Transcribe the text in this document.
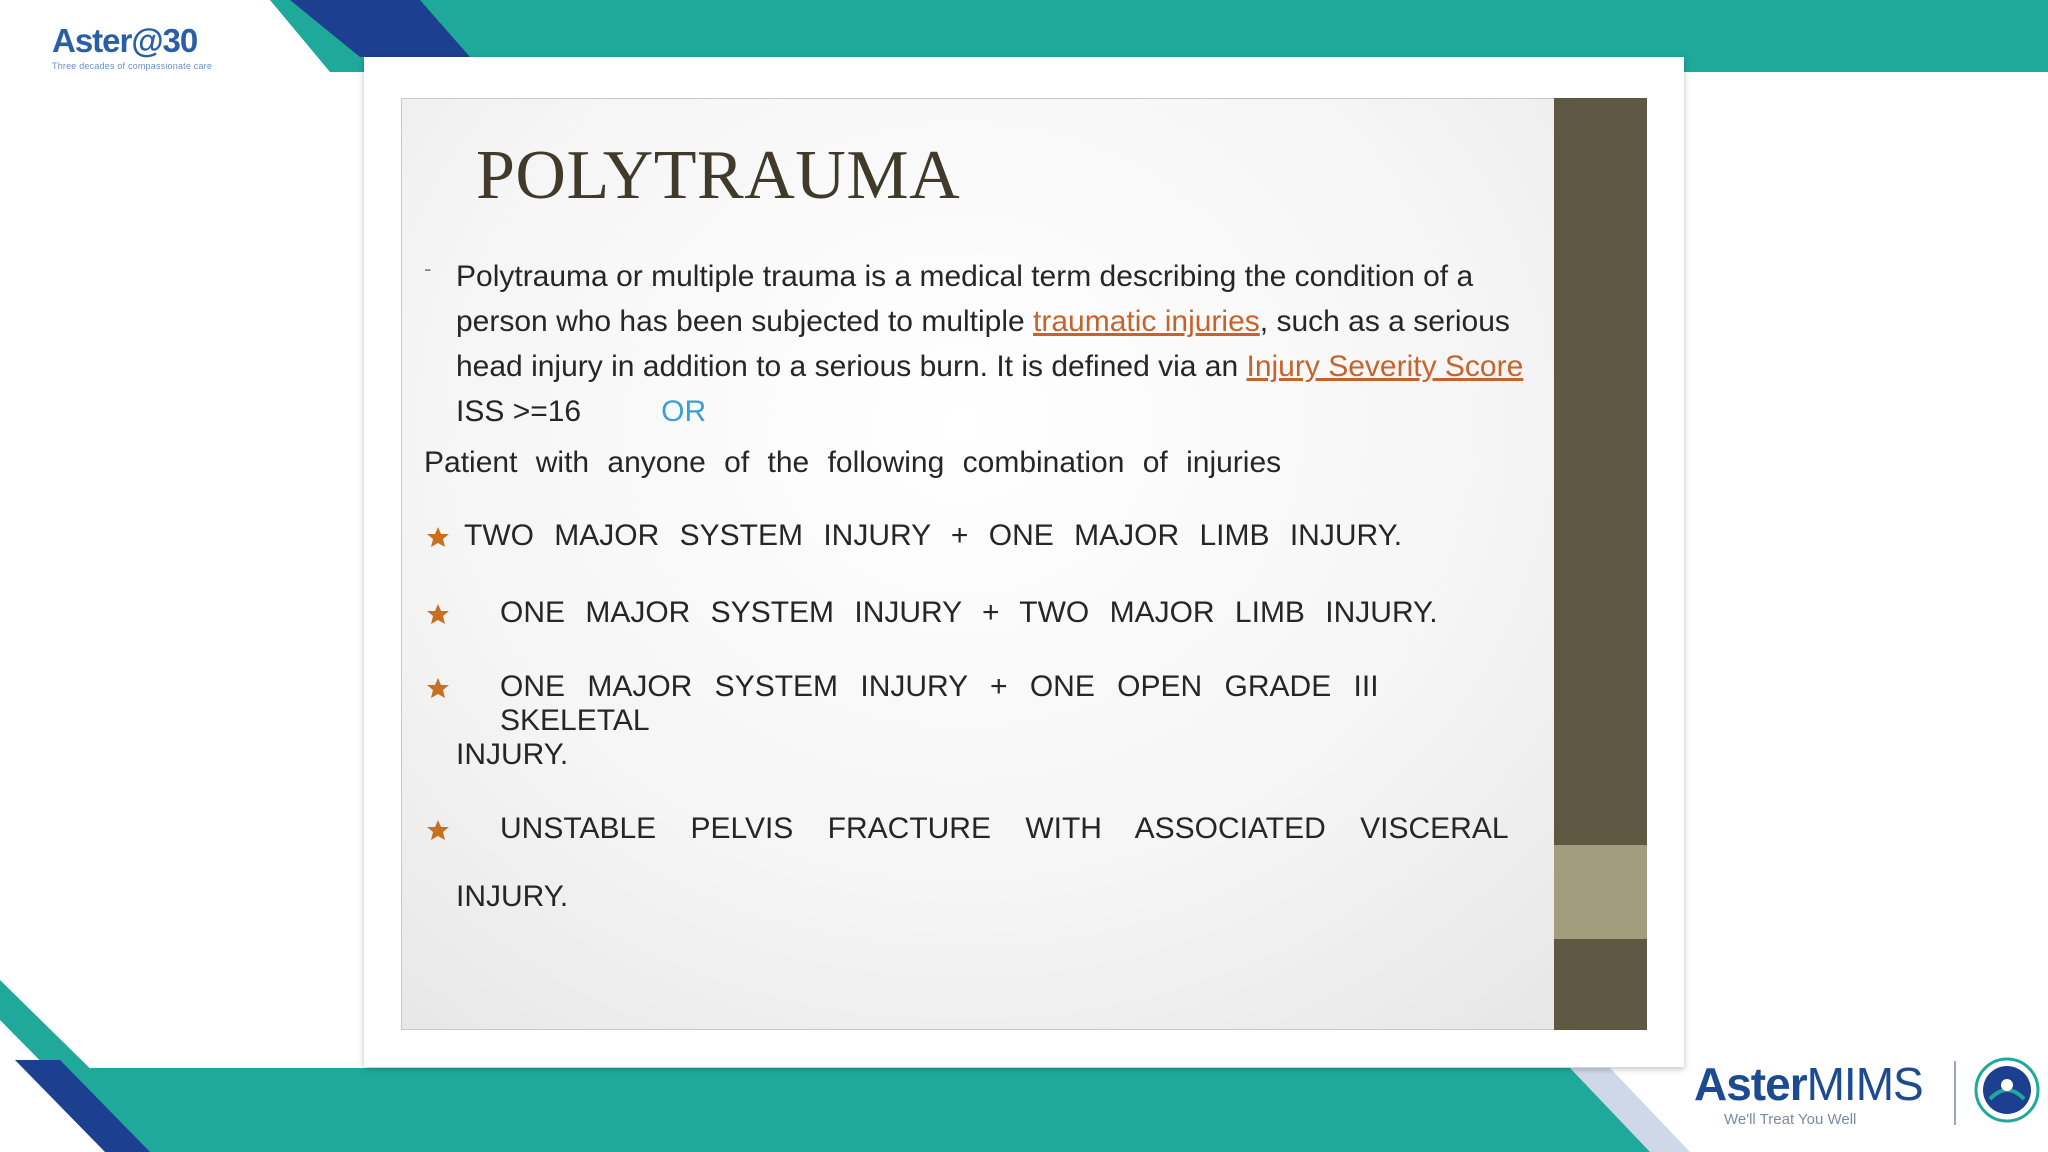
Aster@30
Three decades of compassionate care
POLYTRAUMA
- Polytrauma or multiple trauma is a medical term describing the condition of a person who has been subjected to multiple traumatic injuries, such as a serious head injury in addition to a serious burn. It is defined via an Injury Severity Score ISS >=16	OR
Patient with anyone of the following combination of injuries
TWO MAJOR SYSTEM INJURY + ONE MAJOR LIMB INJURY.
ONE MAJOR SYSTEM INJURY + TWO MAJOR LIMB INJURY.
ONE MAJOR SYSTEM INJURY + ONE OPEN GRADE III SKELETAL
INJURY.
UNSTABLE PELVIS FRACTURE WITH ASSOCIATED VISCERAL
INJURY.
AsterMIMS
We'll Treat You Well
